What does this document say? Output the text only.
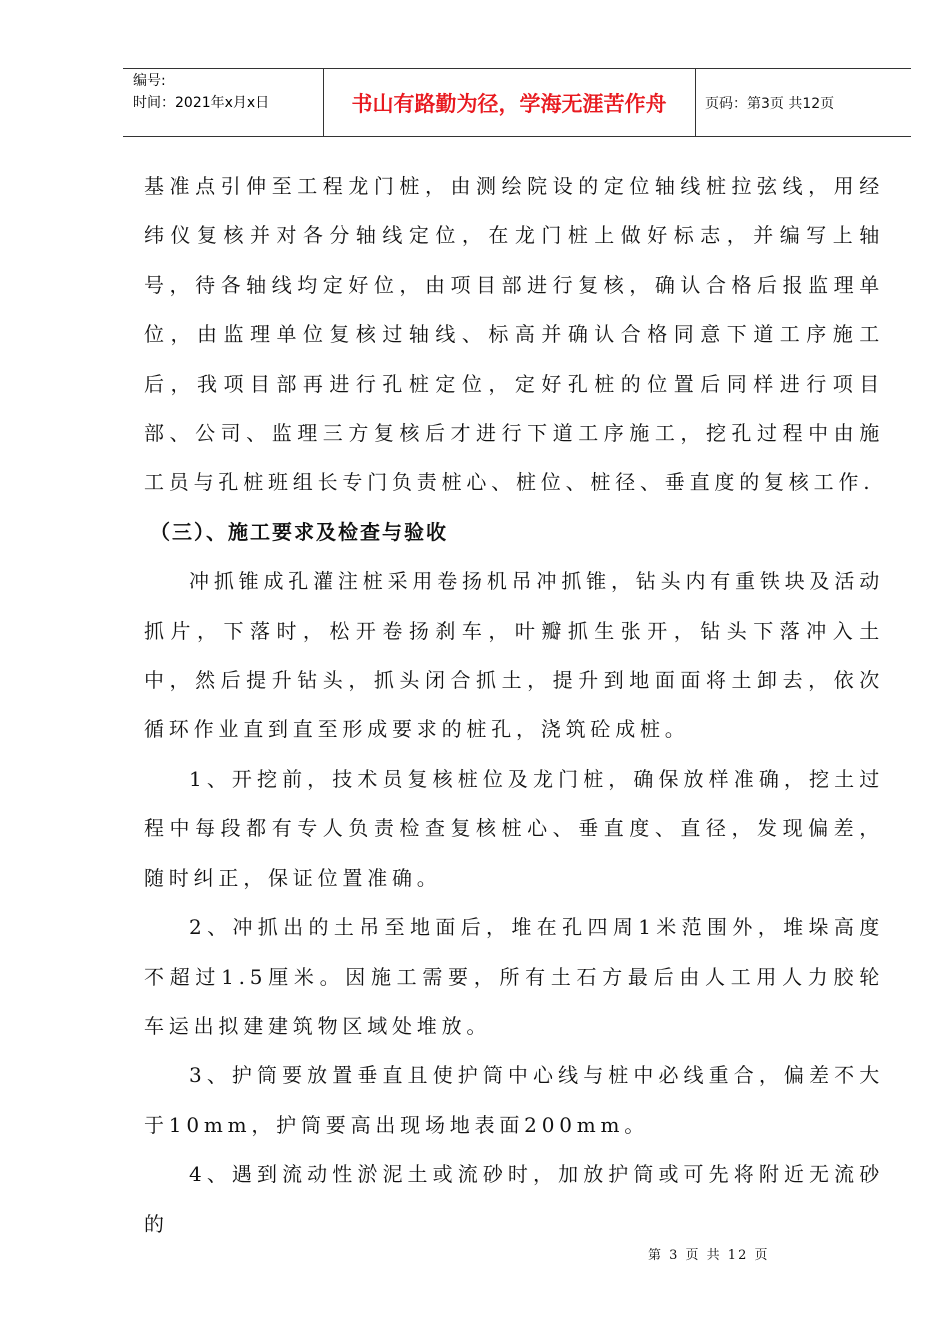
编号:
时间：2021年x月x日	书山有路勤为径，学海无涯苦作舟	页码：第3页 共12页

基准点引伸至工程龙门桩，由测绘院设的定位轴线桩拉弦线，用经纬仪复核并对各分轴线定位，在龙门桩上做好标志，并编写上轴号，待各轴线均定好位，由项目部进行复核，确认合格后报监理单位，由监理单位复核过轴线、标高并确认合格同意下道工序施工后，我项目部再进行孔桩定位，定好孔桩的位置后同样进行项目部、公司、监理三方复核后才进行下道工序施工，挖孔过程中由施工员与孔桩班组长专门负责桩心、桩位、桩径、垂直度的复核工作.

（三）、施工要求及检查与验收

冲抓锥成孔灌注桩采用卷扬机吊冲抓锥，钻头内有重铁块及活动抓片，下落时，松开卷扬刹车，叶瓣抓生张开，钻头下落冲入土中，然后提升钻头，抓头闭合抓土，提升到地面面将土卸去，依次循环作业直到直至形成要求的桩孔，浇筑砼成桩。

1、开挖前，技术员复核桩位及龙门桩，确保放样准确，挖土过程中每段都有专人负责检查复核桩心、垂直度、直径，发现偏差，随时纠正，保证位置准确。

2、冲抓出的土吊至地面后，堆在孔四周1米范围外，堆垛高度不超过1.5厘米。因施工需要，所有土石方最后由人工用人力胶轮车运出拟建建筑物区域处堆放。

3、护筒要放置垂直且使护筒中心线与桩中必线重合，偏差不大于10mm，护筒要高出现场地表面200mm。

4、遇到流动性淤泥土或流砂时，加放护筒或可先将附近无流砂的

第 3 页 共 12 页
